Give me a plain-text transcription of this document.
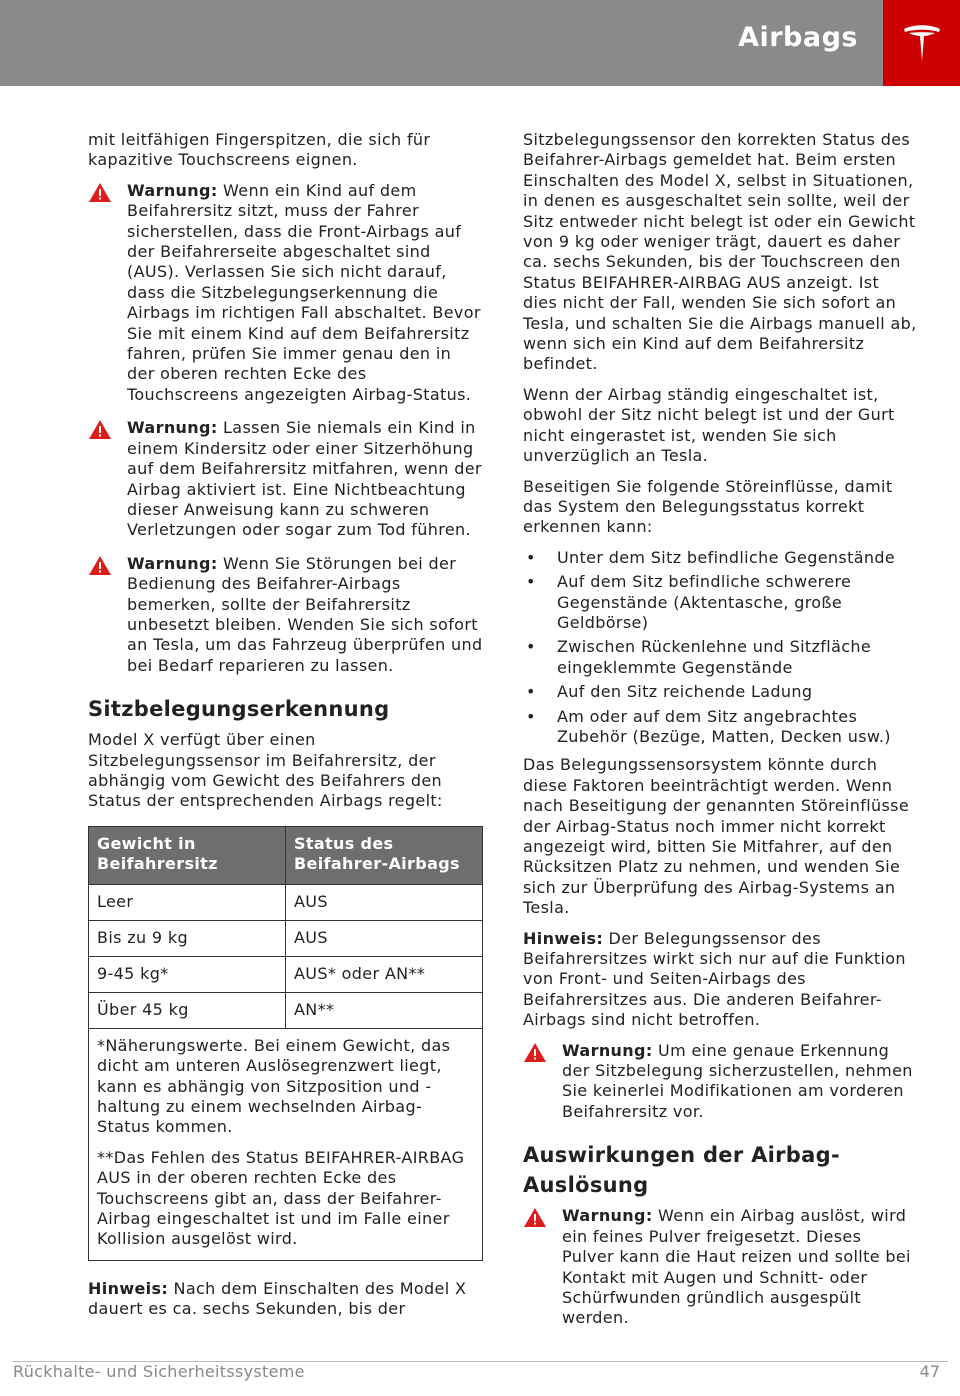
Airbags

mit leitfähigen Fingerspitzen, die sich für kapazitive Touchscreens eignen.

Warnung: Wenn ein Kind auf dem Beifahrersitz sitzt, muss der Fahrer sicherstellen, dass die Front-Airbags auf der Beifahrerseite abgeschaltet sind (AUS). Verlassen Sie sich nicht darauf, dass die Sitzbelegungserkennung die Airbags im richtigen Fall abschaltet. Bevor Sie mit einem Kind auf dem Beifahrersitz fahren, prüfen Sie immer genau den in der oberen rechten Ecke des Touchscreens angezeigten Airbag-Status.
Warnung: Lassen Sie niemals ein Kind in einem Kindersitz oder einer Sitzerhöhung auf dem Beifahrersitz mitfahren, wenn der Airbag aktiviert ist. Eine Nichtbeachtung dieser Anweisung kann zu schweren Verletzungen oder sogar zum Tod führen.
Warnung: Wenn Sie Störungen bei der Bedienung des Beifahrer-Airbags bemerken, sollte der Beifahrersitz unbesetzt bleiben. Wenden Sie sich sofort an Tesla, um das Fahrzeug überprüfen und bei Bedarf reparieren zu lassen.
Sitzbelegungserkennung

Model X verfügt über einen Sitzbelegungssensor im Beifahrersitz, der abhängig vom Gewicht des Beifahrers den Status der entsprechenden Airbags regelt:

Gewicht in Beifahrersitz	Status des Beifahrer-Airbags
Leer	AUS
Bis zu 9 kg	AUS
9-45 kg*	AUS* oder AN**
Über 45 kg	AN**

*Näherungswerte. Bei einem Gewicht, das dicht am unteren Auslösegrenzwert liegt, kann es abhängig von Sitzposition und -haltung zu einem wechselnden Airbag-Status kommen.
**Das Fehlen des Status BEIFAHRER-AIRBAG AUS in der oberen rechten Ecke des Touchscreens gibt an, dass der Beifahrer-Airbag eingeschaltet ist und im Falle einer Kollision ausgelöst wird.	

Hinweis: Nach dem Einschalten des Model X dauert es ca. sechs Sekunden, bis der

Sitzbelegungssensor den korrekten Status des Beifahrer-Airbags gemeldet hat. Beim ersten Einschalten des Model X, selbst in Situationen, in denen es ausgeschaltet sein sollte, weil der Sitz entweder nicht belegt ist oder ein Gewicht von 9 kg oder weniger trägt, dauert es daher ca. sechs Sekunden, bis der Touchscreen den Status BEIFAHRER-AIRBAG AUS anzeigt. Ist dies nicht der Fall, wenden Sie sich sofort an Tesla, und schalten Sie die Airbags manuell ab, wenn sich ein Kind auf dem Beifahrersitz befindet.

Wenn der Airbag ständig eingeschaltet ist, obwohl der Sitz nicht belegt ist und der Gurt nicht eingerastet ist, wenden Sie sich unverzüglich an Tesla.

Beseitigen Sie folgende Störeinflüsse, damit das System den Belegungsstatus korrekt erkennen kann:

• Unter dem Sitz befindliche Gegenstände
• Auf dem Sitz befindliche schwerere Gegenstände (Aktentasche, große Geldbörse)
• Zwischen Rückenlehne und Sitzfläche eingeklemmte Gegenstände
• Auf den Sitz reichende Ladung
• Am oder auf dem Sitz angebrachtes Zubehör (Bezüge, Matten, Decken usw.)

Das Belegungssensorsystem könnte durch diese Faktoren beeinträchtigt werden. Wenn nach Beseitigung der genannten Störeinflüsse der Airbag-Status noch immer nicht korrekt angezeigt wird, bitten Sie Mitfahrer, auf den Rücksitzen Platz zu nehmen, und wenden Sie sich zur Überprüfung des Airbag-Systems an Tesla.

Hinweis: Der Belegungssensor des Beifahrersitzes wirkt sich nur auf die Funktion von Front- und Seiten-Airbags des Beifahrersitzes aus. Die anderen Beifahrer-Airbags sind nicht betroffen.

Warnung: Um eine genaue Erkennung der Sitzbelegung sicherzustellen, nehmen Sie keinerlei Modifikationen am vorderen Beifahrersitz vor.
Auswirkungen der Airbag-Auslösung
Warnung: Wenn ein Airbag auslöst, wird ein feines Pulver freigesetzt. Dieses Pulver kann die Haut reizen und sollte bei Kontakt mit Augen und Schnitt- oder Schürfwunden gründlich ausgespült werden.
Rückhalte- und Sicherheitssysteme	47
